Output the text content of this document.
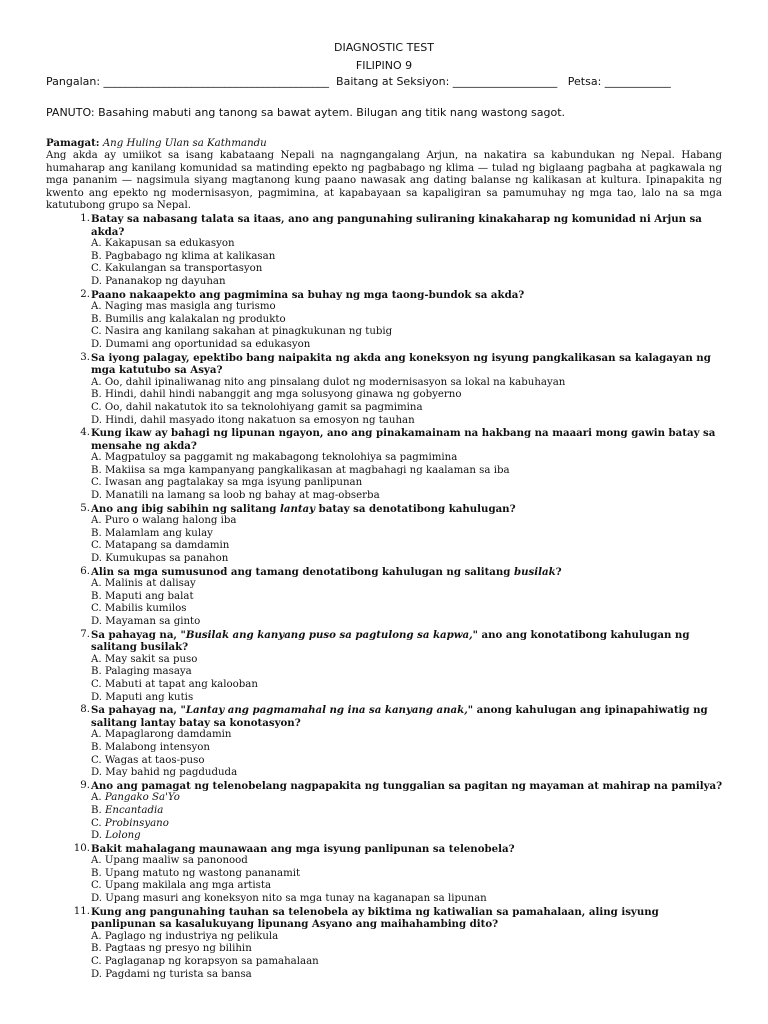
DIAGNOSTIC TEST
FILIPINO 9
Pangalan: _________________________________________ Baitang at Seksiyon: ___________________ Petsa: ____________
PANUTO: Basahing mabuti ang tanong sa bawat aytem. Bilugan ang titik nang wastong sagot.
Pamagat: Ang Huling Ulan sa Kathmandu
Ang akda ay umiikot sa isang kabataang Nepali na nagngangalang Arjun, na nakatira sa kabundukan ng Nepal. Habang humaharap ang kanilang komunidad sa matinding epekto ng pagbabago ng klima — tulad ng biglaang pagbaha at pagkawala ng mga pananim — nagsimula siyang magtanong kung paano nawasak ang dating balanse ng kalikasan at kultura. Ipinapakita ng kwento ang epekto ng modernisasyon, pagmimina, at kapabayaan sa kapaligiran sa pamumuhay ng mga tao, lalo na sa mga katutubong grupo sa Nepal.
1. Batay sa nabasang talata sa itaas, ano ang pangunahing suliraning kinakaharap ng komunidad ni Arjun sa akda?
A. Kakapusan sa edukasyon
B. Pagbabago ng klima at kalikasan
C. Kakulangan sa transportasyon
D. Pananakop ng dayuhan
2. Paano nakaapekto ang pagmimina sa buhay ng mga taong-bundok sa akda?
A. Naging mas masigla ang turismo
B. Bumilis ang kalakalan ng produkto
C. Nasira ang kanilang sakahan at pinagkukunan ng tubig
D. Dumami ang oportunidad sa edukasyon
3. Sa iyong palagay, epektibo bang naipakita ng akda ang koneksyon ng isyung pangkalikasan sa kalagayan ng mga katutubo sa Asya?
A. Oo, dahil ipinaliwanag nito ang pinsalang dulot ng modernisasyon sa lokal na kabuhayan
B. Hindi, dahil hindi nabanggit ang mga solusyong ginawa ng gobyerno
C. Oo, dahil nakatutok ito sa teknolohiyang gamit sa pagmimina
D. Hindi, dahil masyado itong nakatuon sa emosyon ng tauhan
4. Kung ikaw ay bahagi ng lipunan ngayon, ano ang pinakamainam na hakbang na maaari mong gawin batay sa mensahe ng akda?
A. Magpatuloy sa paggamit ng makabagong teknolohiya sa pagmimina
B. Makiisa sa mga kampanyang pangkalikasan at magbahagi ng kaalaman sa iba
C. Iwasan ang pagtalakay sa mga isyung panlipunan
D. Manatili na lamang sa loob ng bahay at mag-obserba
5. Ano ang ibig sabihin ng salitang lantay batay sa denotatibong kahulugan?
A. Puro o walang halong iba
B. Malamlam ang kulay
C. Matapang sa damdamin
D. Kumukupas sa panahon
6. Alin sa mga sumusunod ang tamang denotatibong kahulugan ng salitang busilak?
A. Malinis at dalisay
B. Maputi ang balat
C. Mabilis kumilos
D. Mayaman sa ginto
7. Sa pahayag na, "Busilak ang kanyang puso sa pagtulong sa kapwa," ano ang konotatibong kahulugan ng salitang busilak?
A. May sakit sa puso
B. Palaging masaya
C. Mabuti at tapat ang kalooban
D. Maputi ang kutis
8. Sa pahayag na, "Lantay ang pagmamahal ng ina sa kanyang anak," anong kahulugan ang ipinapahiwatig ng salitang lantay batay sa konotasyon?
A. Mapaglarong damdamin
B. Malabong intensyon
C. Wagas at taos-puso
D. May bahid ng pagdududa
9. Ano ang pamagat ng telenobelang nagpapakita ng tunggalian sa pagitan ng mayaman at mahirap na pamilya?
A. Pangako Sa'Yo
B. Encantadia
C. Probinsyano
D. Lolong
10. Bakit mahalagang maunawaan ang mga isyung panlipunan sa telenobela?
A. Upang maaliw sa panonood
B. Upang matuto ng wastong pananamit
C. Upang makilala ang mga artista
D. Upang masuri ang koneksyon nito sa mga tunay na kaganapan sa lipunan
11. Kung ang pangunahing tauhan sa telenobela ay biktima ng katiwalian sa pamahalaan, aling isyung panlipunan sa kasalukuyang lipunang Asyano ang maihahambing dito?
A. Paglago ng industriya ng pelikula
B. Pagtaas ng presyo ng bilihin
C. Paglaganap ng korapsyon sa pamahalaan
D. Pagdami ng turista sa bansa
